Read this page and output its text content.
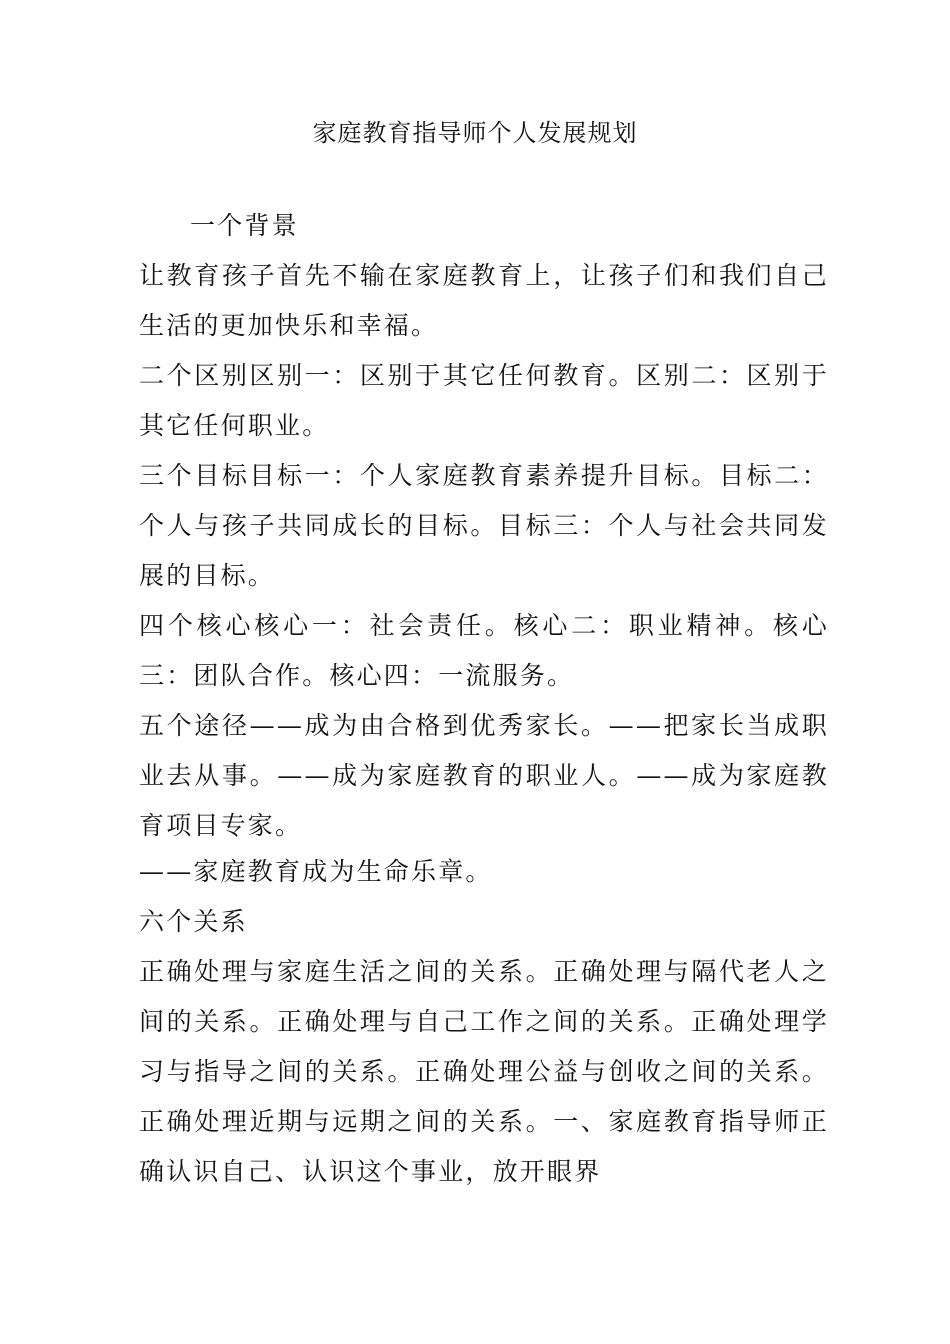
家庭教育指导师个人发展规划

一个背景

让教育孩子首先不输在家庭教育上，让孩子们和我们自己生活的更加快乐和幸福。

二个区别区别一：区别于其它任何教育。区别二：区别于其它任何职业。

三个目标目标一：个人家庭教育素养提升目标。目标二：个人与孩子共同成长的目标。目标三：个人与社会共同发展的目标。

四个核心核心一：社会责任。核心二：职业精神。核心三：团队合作。核心四：一流服务。

五个途径——成为由合格到优秀家长。——把家长当成职业去从事。——成为家庭教育的职业人。——成为家庭教育项目专家。

——家庭教育成为生命乐章。

六个关系

正确处理与家庭生活之间的关系。正确处理与隔代老人之间的关系。正确处理与自己工作之间的关系。正确处理学习与指导之间的关系。正确处理公益与创收之间的关系。正确处理近期与远期之间的关系。一、家庭教育指导师正确认识自己、认识这个事业，放开眼界
